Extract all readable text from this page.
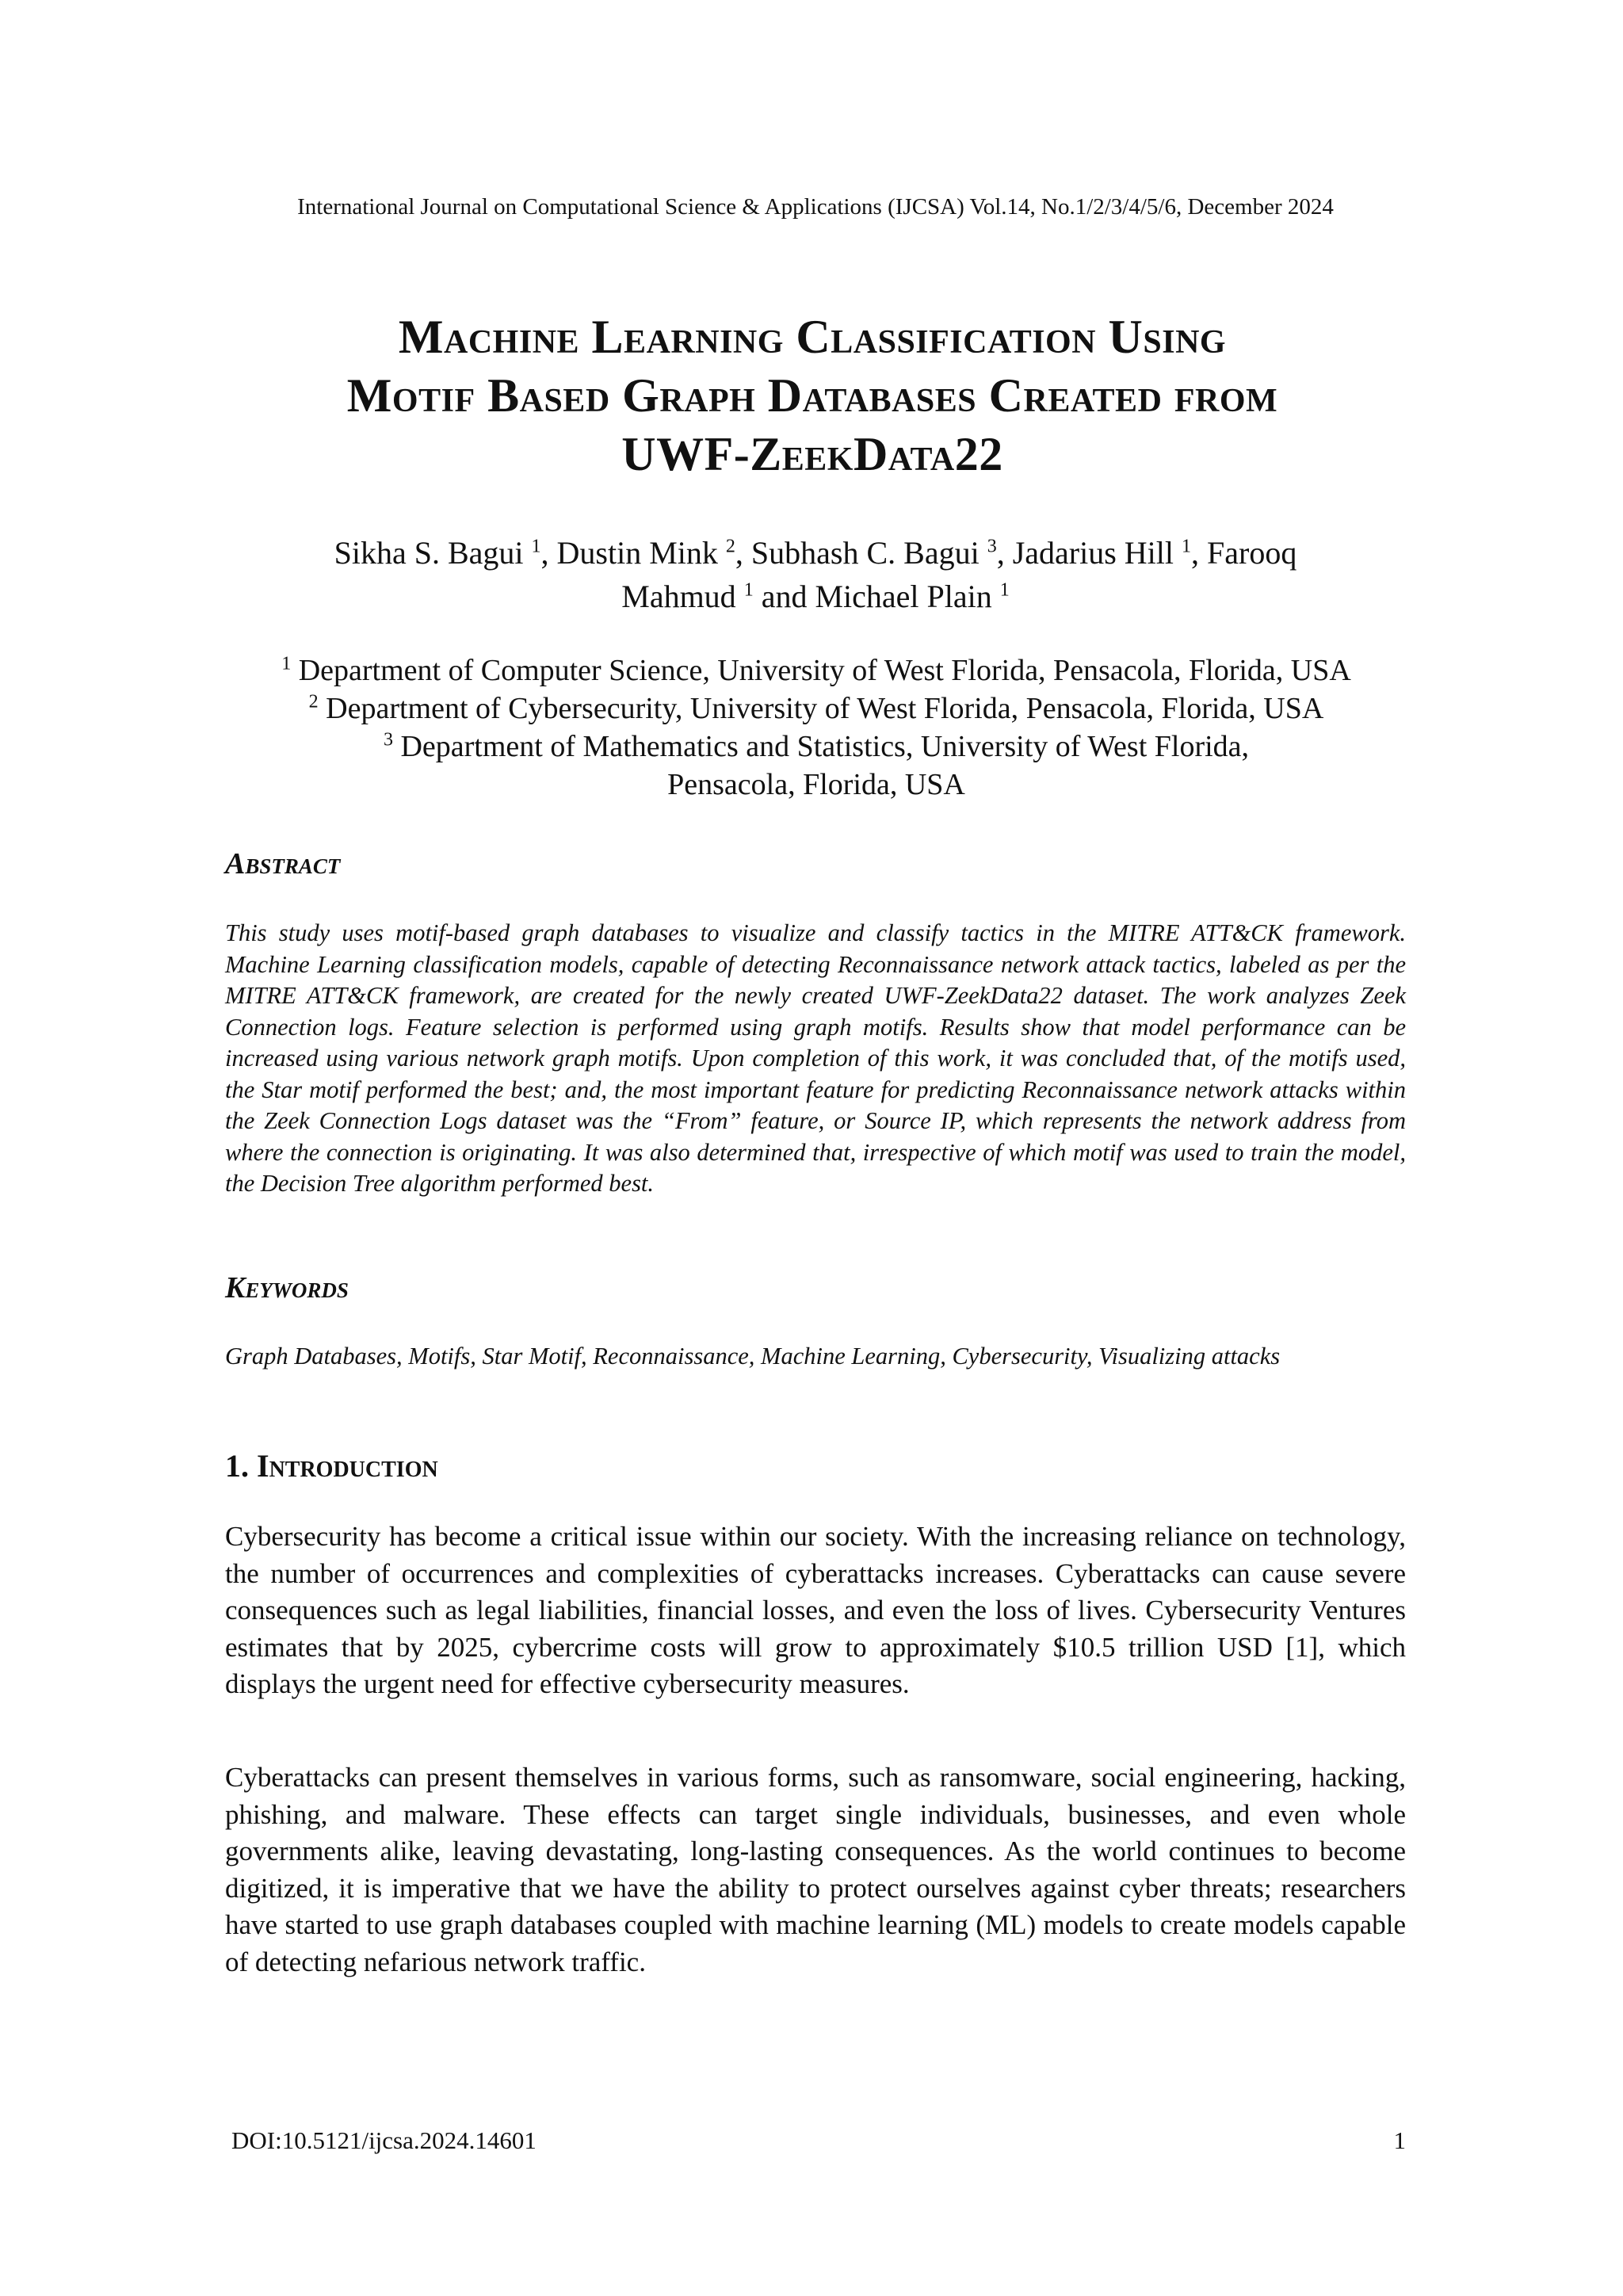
International Journal on Computational Science & Applications (IJCSA) Vol.14, No.1/2/3/4/5/6, December 2024
Machine Learning Classification Using
Motif Based Graph Databases Created from
UWF-ZeekData22
Sikha S. Bagui $^1$, Dustin Mink $^2$, Subhash C. Bagui $^3$, Jadarius Hill $^1$, Farooq
Mahmud $^1$ and Michael Plain $^1$
$^1$ Department of Computer Science, University of West Florida, Pensacola, Florida, USA
$^2$ Department of Cybersecurity, University of West Florida, Pensacola, Florida, USA
$^3$ Department of Mathematics and Statistics, University of West Florida, Pensacola, Florida, USA
Abstract
This study uses motif-based graph databases to visualize and classify tactics in the MITRE ATT&CK framework. Machine Learning classification models, capable of detecting Reconnaissance network attack tactics, labeled as per the MITRE ATT&CK framework, are created for the newly created UWF-ZeekData22 dataset. The work analyzes Zeek Connection logs. Feature selection is performed using graph motifs. Results show that model performance can be increased using various network graph motifs. Upon completion of this work, it was concluded that, of the motifs used, the Star motif performed the best; and, the most important feature for predicting Reconnaissance network attacks within the Zeek Connection Logs dataset was the “From” feature, or Source IP, which represents the network address from where the connection is originating. It was also determined that, irrespective of which motif was used to train the model, the Decision Tree algorithm performed best.
Keywords
Graph Databases, Motifs, Star Motif, Reconnaissance, Machine Learning, Cybersecurity, Visualizing attacks
1. Introduction
Cybersecurity has become a critical issue within our society. With the increasing reliance on technology, the number of occurrences and complexities of cyberattacks increases. Cyberattacks can cause severe consequences such as legal liabilities, financial losses, and even the loss of lives. Cybersecurity Ventures estimates that by 2025, cybercrime costs will grow to approximately $10.5 trillion USD [1], which displays the urgent need for effective cybersecurity measures.
Cyberattacks can present themselves in various forms, such as ransomware, social engineering, hacking, phishing, and malware. These effects can target single individuals, businesses, and even whole governments alike, leaving devastating, long-lasting consequences. As the world continues to become digitized, it is imperative that we have the ability to protect ourselves against cyber threats; researchers have started to use graph databases coupled with machine learning (ML) models to create models capable of detecting nefarious network traffic.
DOI:10.5121/ijcsa.2024.14601	1
